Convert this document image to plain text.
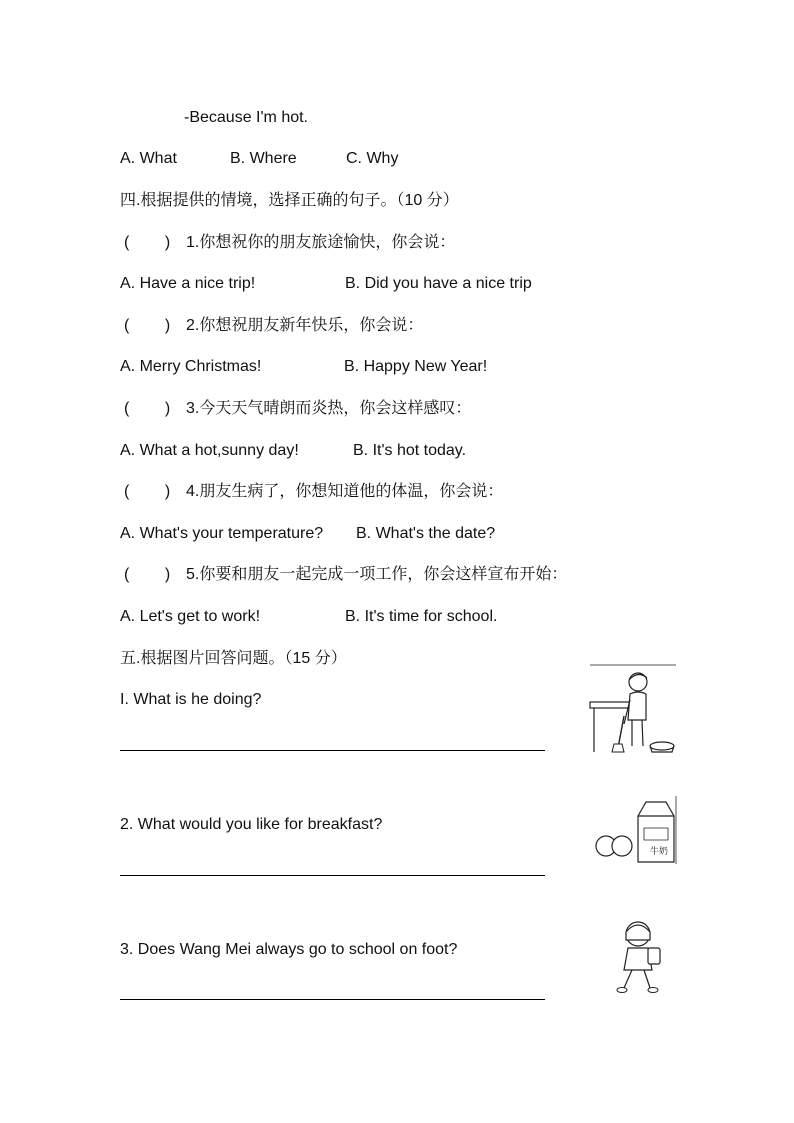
-Because I'm hot.
A. What	B. Where	C. Why
四.根据提供的情境，选择正确的句子。（10 分）
(        ) 1.你想祝你的朋友旅途愉快，你会说：
A. Have a nice trip!	B. Did you have a nice trip
(        ) 2.你想祝朋友新年快乐，你会说：
A. Merry Christmas!	B. Happy New Year!
(        ) 3.今天天气晴朗而炎热，你会这样感叹：
A. What a hot,sunny day!	B. It's hot today.
(        ) 4.朋友生病了，你想知道他的体温，你会说：
A. What's your temperature? B. What's the date?
(        ) 5.你要和朋友一起完成一项工作，你会这样宣布开始：
A. Let's get to work!	B. It's time for school.
五.根据图片回答问题。（15 分）
I. What is he doing?
2. What would you like for breakfast?
牛奶
3. Does Wang Mei always go to school on foot?
